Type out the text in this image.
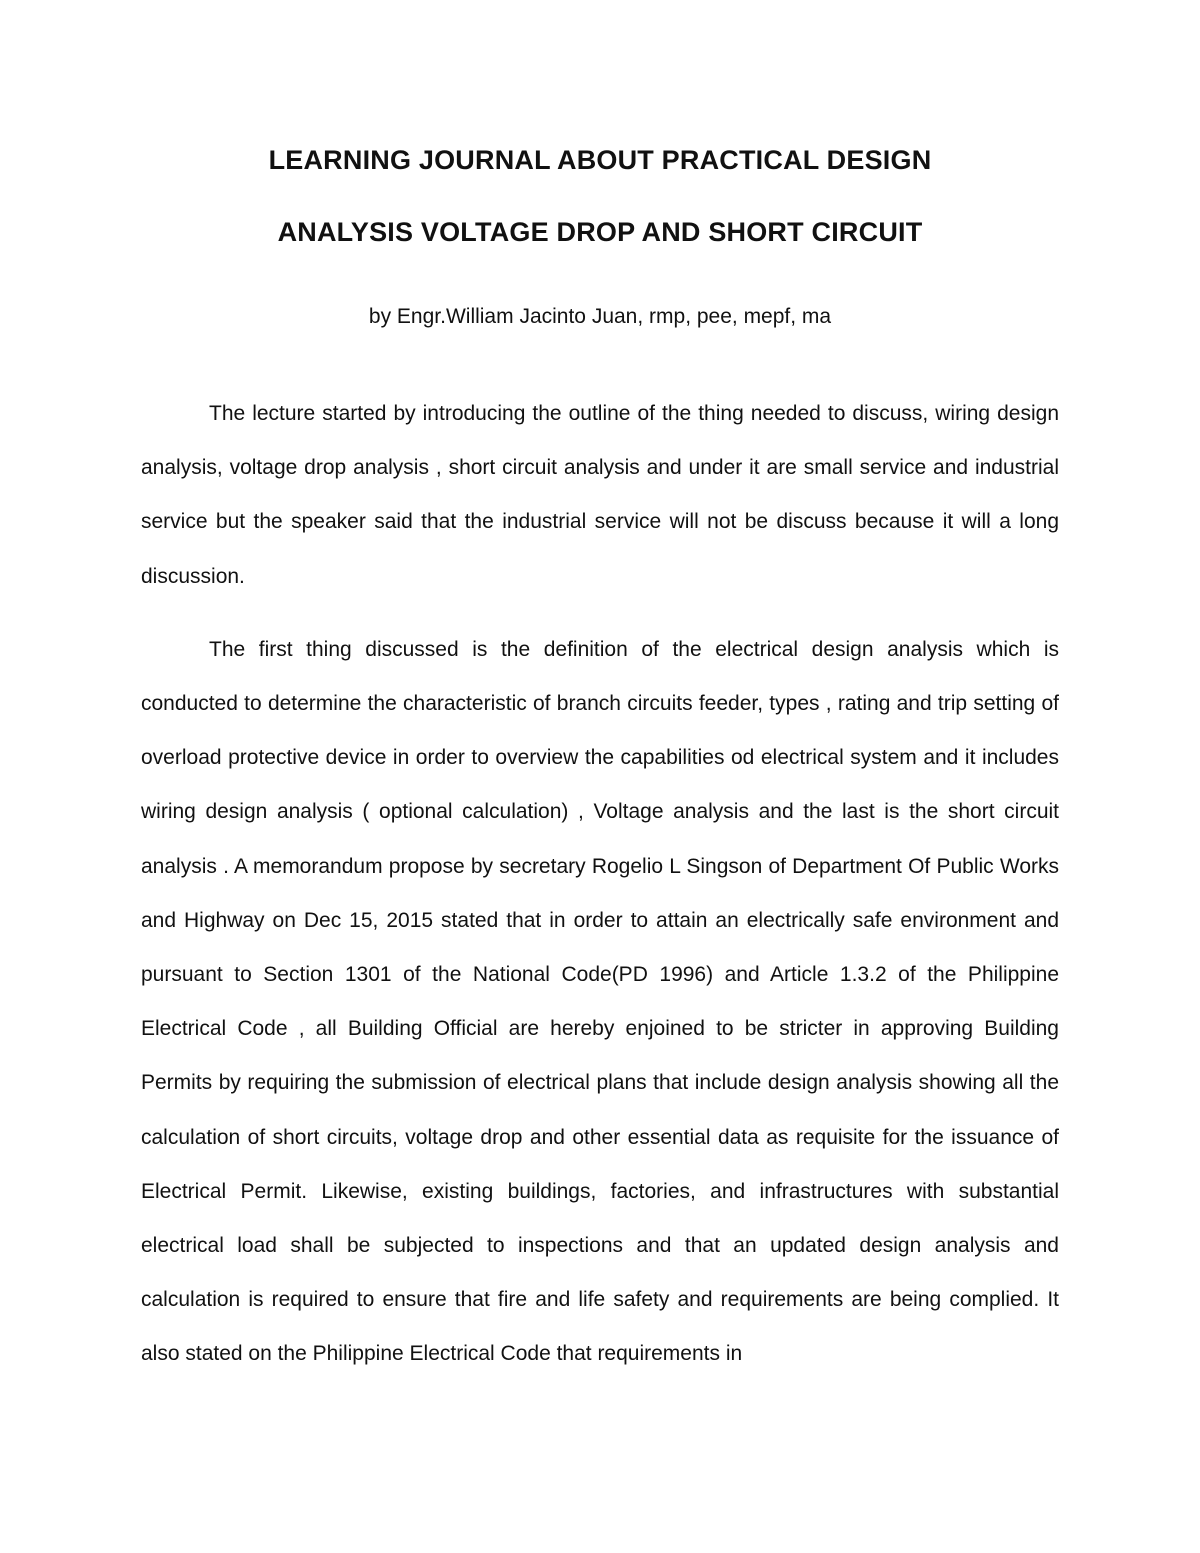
LEARNING JOURNAL ABOUT PRACTICAL DESIGN
ANALYSIS VOLTAGE DROP AND SHORT CIRCUIT
by Engr.William Jacinto Juan, rmp, pee, mepf, ma

The lecture started by introducing the outline of the thing needed to discuss, wiring design analysis, voltage drop analysis , short circuit analysis and under it are small service and industrial service but the speaker said that the industrial service will not be discuss because it will a long discussion.

The first thing discussed is the definition of the electrical design analysis which is conducted to determine the characteristic of branch circuits feeder, types , rating and trip setting of overload protective device in order to overview the capabilities od electrical system and it includes wiring design analysis ( optional calculation) , Voltage analysis and the last is the short circuit analysis . A memorandum propose by secretary Rogelio L Singson of Department Of Public Works and Highway on Dec 15, 2015 stated that in order to attain an electrically safe environment and pursuant to Section 1301 of the National Code(PD 1996) and Article 1.3.2 of the Philippine Electrical Code , all Building Official are hereby enjoined to be stricter in approving Building Permits by requiring the submission of electrical plans that include design analysis showing all the calculation of short circuits, voltage drop and other essential data as requisite for the issuance of Electrical Permit. Likewise, existing buildings, factories, and infrastructures with substantial electrical load shall be subjected to inspections and that an updated design analysis and calculation is required to ensure that fire and life safety and requirements are being complied. It also stated on the Philippine Electrical Code that requirements in
